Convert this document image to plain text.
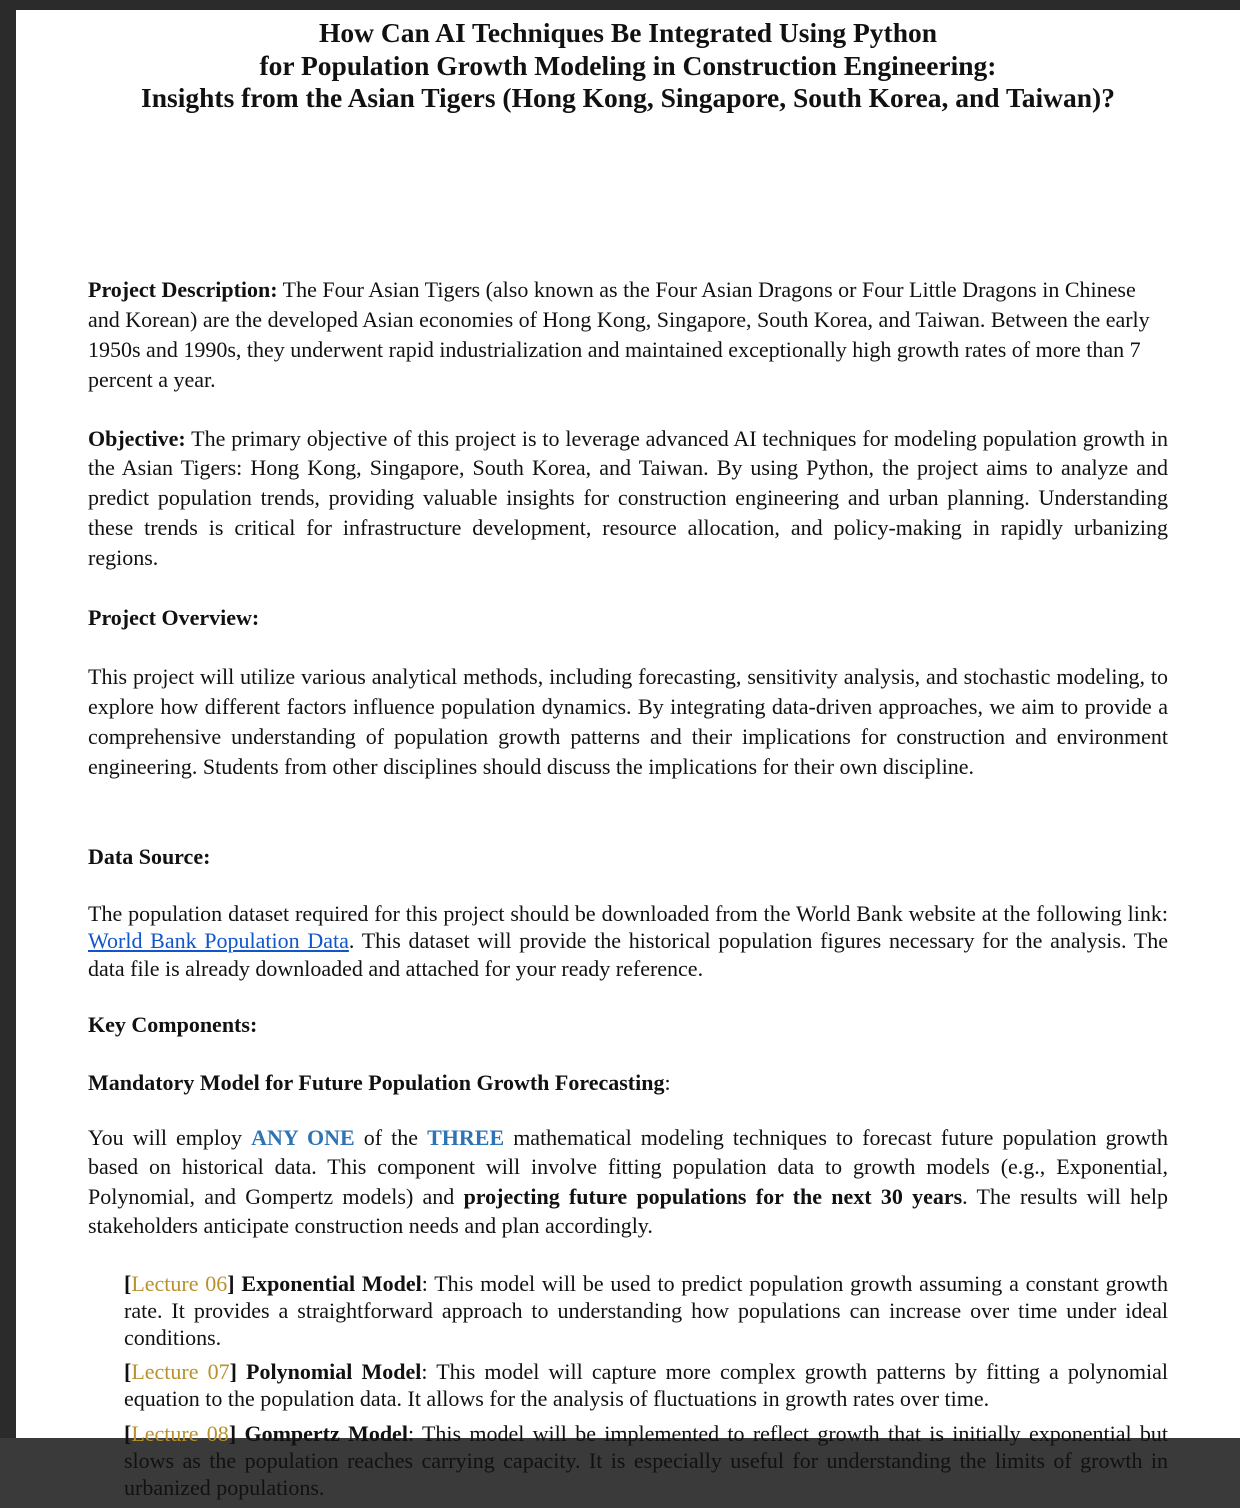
How Can AI Techniques Be Integrated Using Python
for Population Growth Modeling in Construction Engineering:
Insights from the Asian Tigers (Hong Kong, Singapore, South Korea, and Taiwan)?

Project Description: The Four Asian Tigers (also known as the Four Asian Dragons or Four Little Dragons in Chinese and Korean) are the developed Asian economies of Hong Kong, Singapore, South Korea, and Taiwan. Between the early 1950s and 1990s, they underwent rapid industrialization and maintained exceptionally high growth rates of more than 7 percent a year.

Objective: The primary objective of this project is to leverage advanced AI techniques for modeling population growth in the Asian Tigers: Hong Kong, Singapore, South Korea, and Taiwan. By using Python, the project aims to analyze and predict population trends, providing valuable insights for construction engineering and urban planning. Understanding these trends is critical for infrastructure development, resource allocation, and policy-making in rapidly urbanizing regions.

Project Overview:

This project will utilize various analytical methods, including forecasting, sensitivity analysis, and stochastic modeling, to explore how different factors influence population dynamics. By integrating data-driven approaches, we aim to provide a comprehensive understanding of population growth patterns and their implications for construction and environment engineering. Students from other disciplines should discuss the implications for their own discipline.

Data Source:

The population dataset required for this project should be downloaded from the World Bank website at the following link: World Bank Population Data. This dataset will provide the historical population figures necessary for the analysis. The data file is already downloaded and attached for your ready reference.

Key Components:
Mandatory Model for Future Population Growth Forecasting:

You will employ ANY ONE of the THREE mathematical modeling techniques to forecast future population growth based on historical data. This component will involve fitting population data to growth models (e.g., Exponential, Polynomial, and Gompertz models) and projecting future populations for the next 30 years. The results will help stakeholders anticipate construction needs and plan accordingly.

[Lecture 06] Exponential Model: This model will be used to predict population growth assuming a constant growth rate. It provides a straightforward approach to understanding how populations can increase over time under ideal conditions.

[Lecture 07] Polynomial Model: This model will capture more complex growth patterns by fitting a polynomial equation to the population data. It allows for the analysis of fluctuations in growth rates over time.

[Lecture 08] Gompertz Model: This model will be implemented to reflect growth that is initially exponential but slows as the population reaches carrying capacity. It is especially useful for understanding the limits of growth in urbanized populations.
